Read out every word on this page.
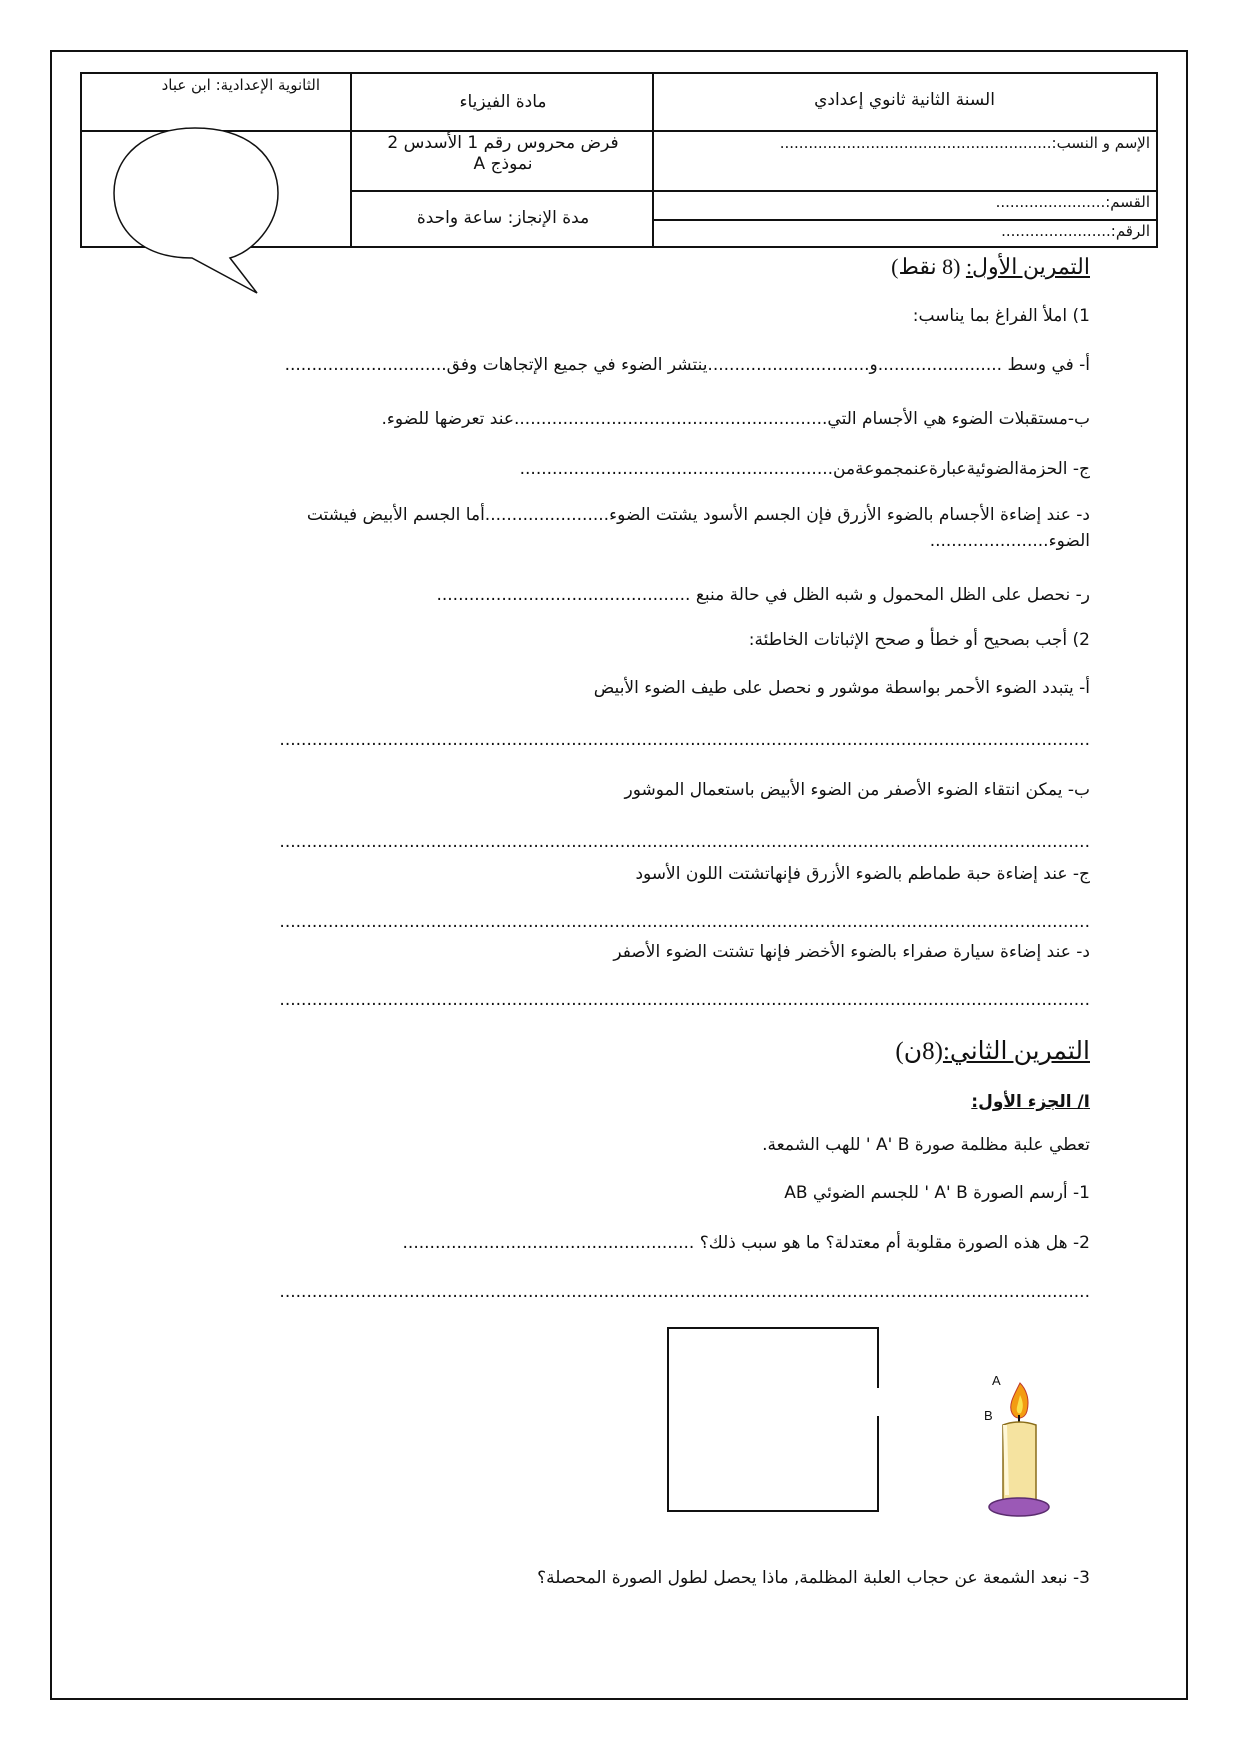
الثانوية الإعدادية: ابن عباد
مادة الفيزياء	السنة الثانية ثانوي إعدادي
فرض محروس رقم 1 الأسدس 2
نموذج A
مدة الإنجاز: ساعة واحدة
الإسم و النسب:.........................................................
القسم:.......................
الرقم:.......................
التمرين الأول: (8 نقط)
1) املأ الفراغ بما يناسب:
أ- في وسط .......................و..............................ينتشر الضوء في جميع الإتجاهات وفق..............................
ب-مستقبلات الضوء هي الأجسام التي..........................................................عند تعرضها للضوء.
ج- الحزمةالضوئيةعبارةعنمجموعةمن..........................................................
د- عند إضاءة الأجسام بالضوء الأزرق فإن الجسم الأسود يشتت الضوء.......................أما الجسم الأبيض فيشتت
الضوء......................
ر- نحصل على الظل المحمول و شبه الظل في حالة منبع ...............................................
2) أجب بصحيح أو خطأ و صحح الإثباتات الخاطئة:
أ- يتبدد الضوء الأحمر بواسطة موشور و نحصل على طيف الضوء الأبيض
......................................................................................................................................................
ب- يمكن انتقاء الضوء الأصفر من الضوء الأبيض باستعمال الموشور
......................................................................................................................................................
ج- عند إضاءة حبة طماطم بالضوء الأزرق فإنهاتشتت اللون الأسود
......................................................................................................................................................
د- عند إضاءة سيارة صفراء بالضوء الأخضر فإنها تشتت الضوء الأصفر
......................................................................................................................................................
التمرين الثاني:(8ن)
I/ الجزء الأول:
تعطي علبة مظلمة صورة A' B ' للهب الشمعة.
1- أرسم الصورة A' B ' للجسم الضوئي AB
2- هل هذه الصورة مقلوبة أم معتدلة؟ ما هو سبب ذلك؟ ......................................................
......................................................................................................................................................
A
B
3- نبعد الشمعة عن حجاب العلبة المظلمة, ماذا يحصل لطول الصورة المحصلة؟
